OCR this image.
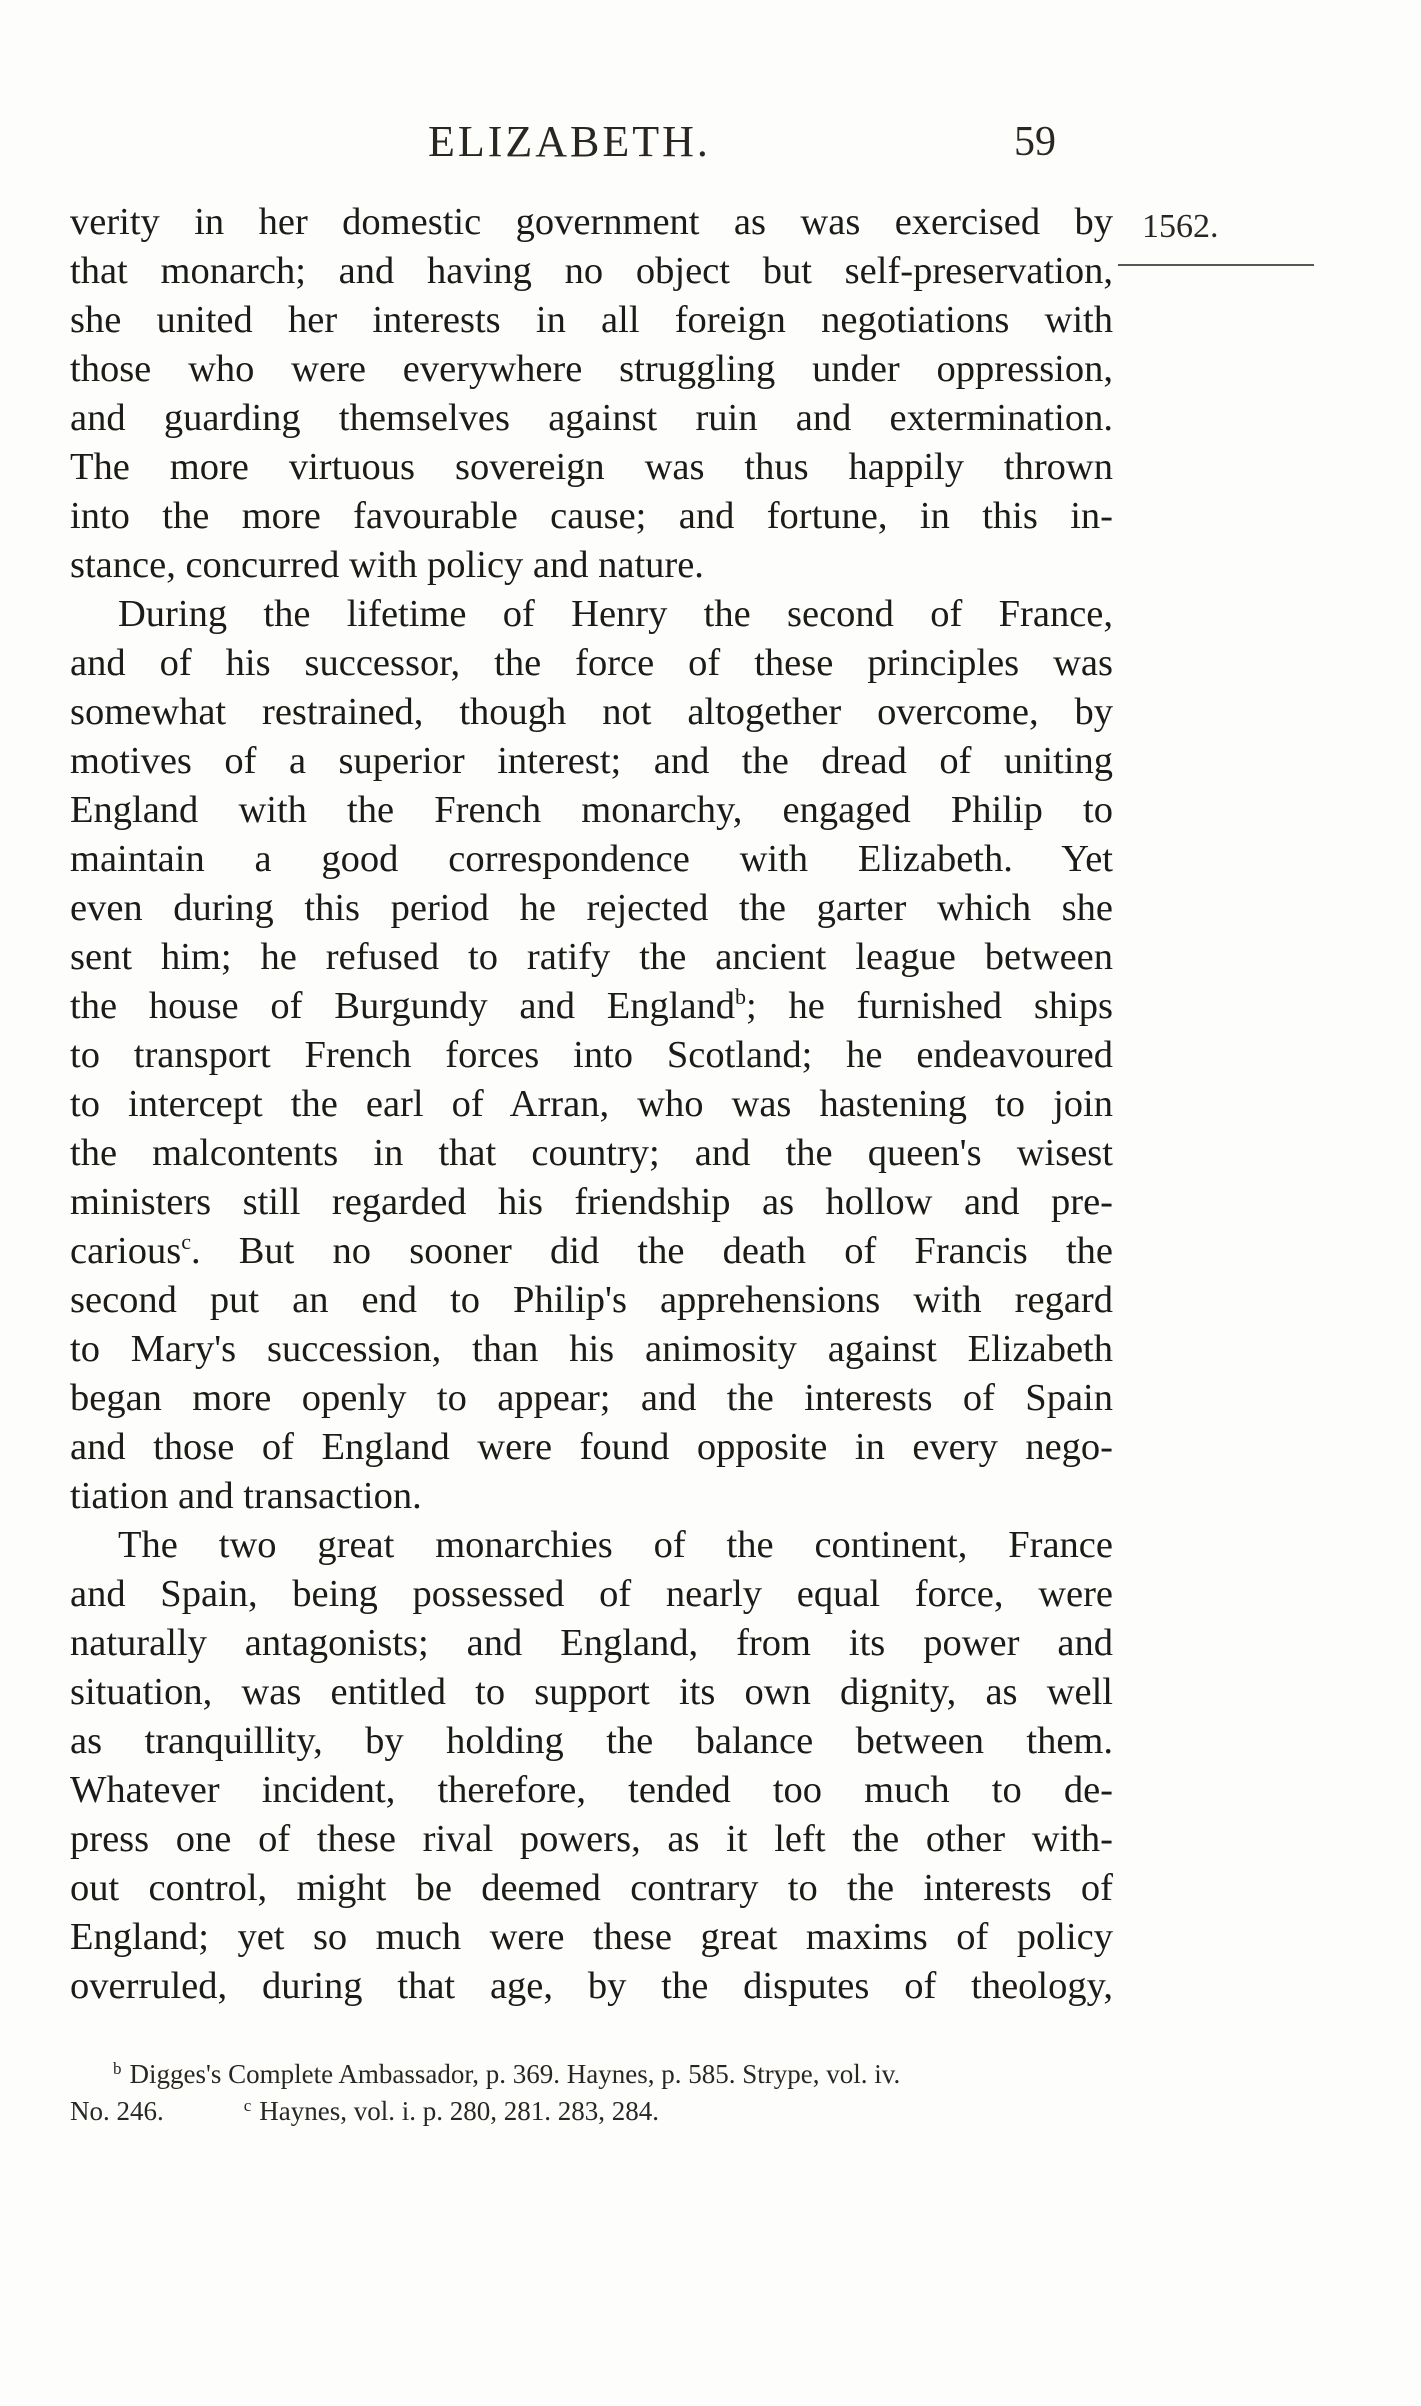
ELIZABETH.	59
1562.
verity in her domestic government as was exercised by
that monarch; and having no object but self-preservation,
she united her interests in all foreign negotiations with
those who were everywhere struggling under oppression,
and guarding themselves against ruin and extermination.
The more virtuous sovereign was thus happily thrown
into the more favourable cause; and fortune, in this in-
stance, concurred with policy and nature.
During the lifetime of Henry the second of France,
and of his successor, the force of these principles was
somewhat restrained, though not altogether overcome, by
motives of a superior interest; and the dread of uniting
England with the French monarchy, engaged Philip to
maintain a good correspondence with Elizabeth. Yet
even during this period he rejected the garter which she
sent him; he refused to ratify the ancient league between
the house of Burgundy and England$^b$; he furnished ships
to transport French forces into Scotland; he endeavoured
to intercept the earl of Arran, who was hastening to join
the malcontents in that country; and the queen's wisest
ministers still regarded his friendship as hollow and pre-
carious$^c$. But no sooner did the death of Francis the
second put an end to Philip's apprehensions with regard
to Mary's succession, than his animosity against Elizabeth
began more openly to appear; and the interests of Spain
and those of England were found opposite in every nego-
tiation and transaction.
The two great monarchies of the continent, France
and Spain, being possessed of nearly equal force, were
naturally antagonists; and England, from its power and
situation, was entitled to support its own dignity, as well
as tranquillity, by holding the balance between them.
Whatever incident, therefore, tended too much to de-
press one of these rival powers, as it left the other with-
out control, might be deemed contrary to the interests of
England; yet so much were these great maxims of policy
overruled, during that age, by the disputes of theology,
$^b$ Digges's Complete Ambassador, p. 369. Haynes, p. 585. Strype, vol. iv.
No. 246.	$^c$ Haynes, vol. i. p. 280, 281. 283, 284.
